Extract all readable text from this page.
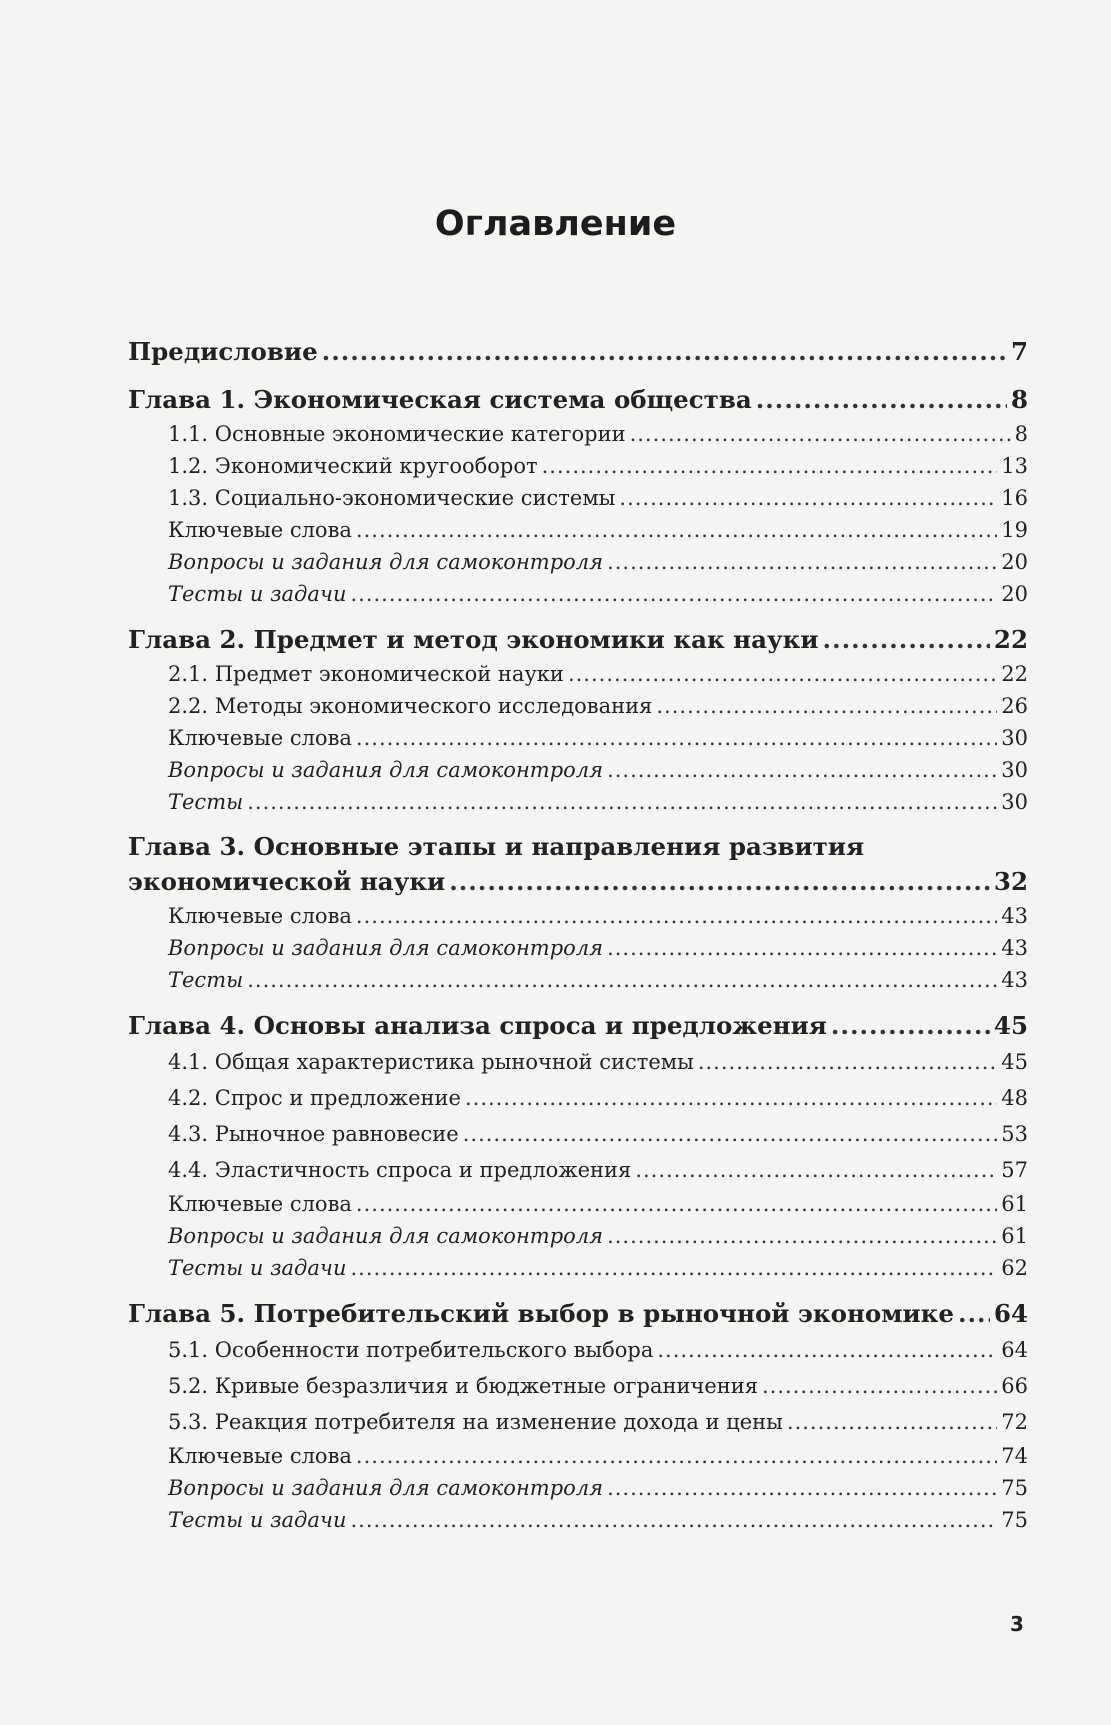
Оглавление
Предисловие .....	7
Глава 1. Экономическая система общества .....	8
1.1. Основные экономические категории .....	8
1.2. Экономический кругооборот .....	13
1.3. Социально-экономические системы .....	16
Ключевые слова .....	19
Вопросы и задания для самоконтроля .....	20
Тесты и задачи .....	20
Глава 2. Предмет и метод экономики как науки .....	22
2.1. Предмет экономической науки .....	22
2.2. Методы экономического исследования .....	26
Ключевые слова .....	30
Вопросы и задания для самоконтроля .....	30
Тесты .....	30
Глава 3. Основные этапы и направления развития
экономической науки .....	32
Ключевые слова .....	43
Вопросы и задания для самоконтроля .....	43
Тесты .....	43
Глава 4. Основы анализа спроса и предложения .....	45
4.1. Общая характеристика рыночной системы .....	45
4.2. Спрос и предложение .....	48
4.3. Рыночное равновесие .....	53
4.4. Эластичность спроса и предложения .....	57
Ключевые слова .....	61
Вопросы и задания для самоконтроля .....	61
Тесты и задачи .....	62
Глава 5. Потребительский выбор в рыночной экономике ..... 64
5.1. Особенности потребительского выбора .....	64
5.2. Кривые безразличия и бюджетные ограничения .....	66
5.3. Реакция потребителя на изменение дохода и цены .....	72
Ключевые слова .....	74
Вопросы и задания для самоконтроля .....	75
Тесты и задачи .....	75
3
